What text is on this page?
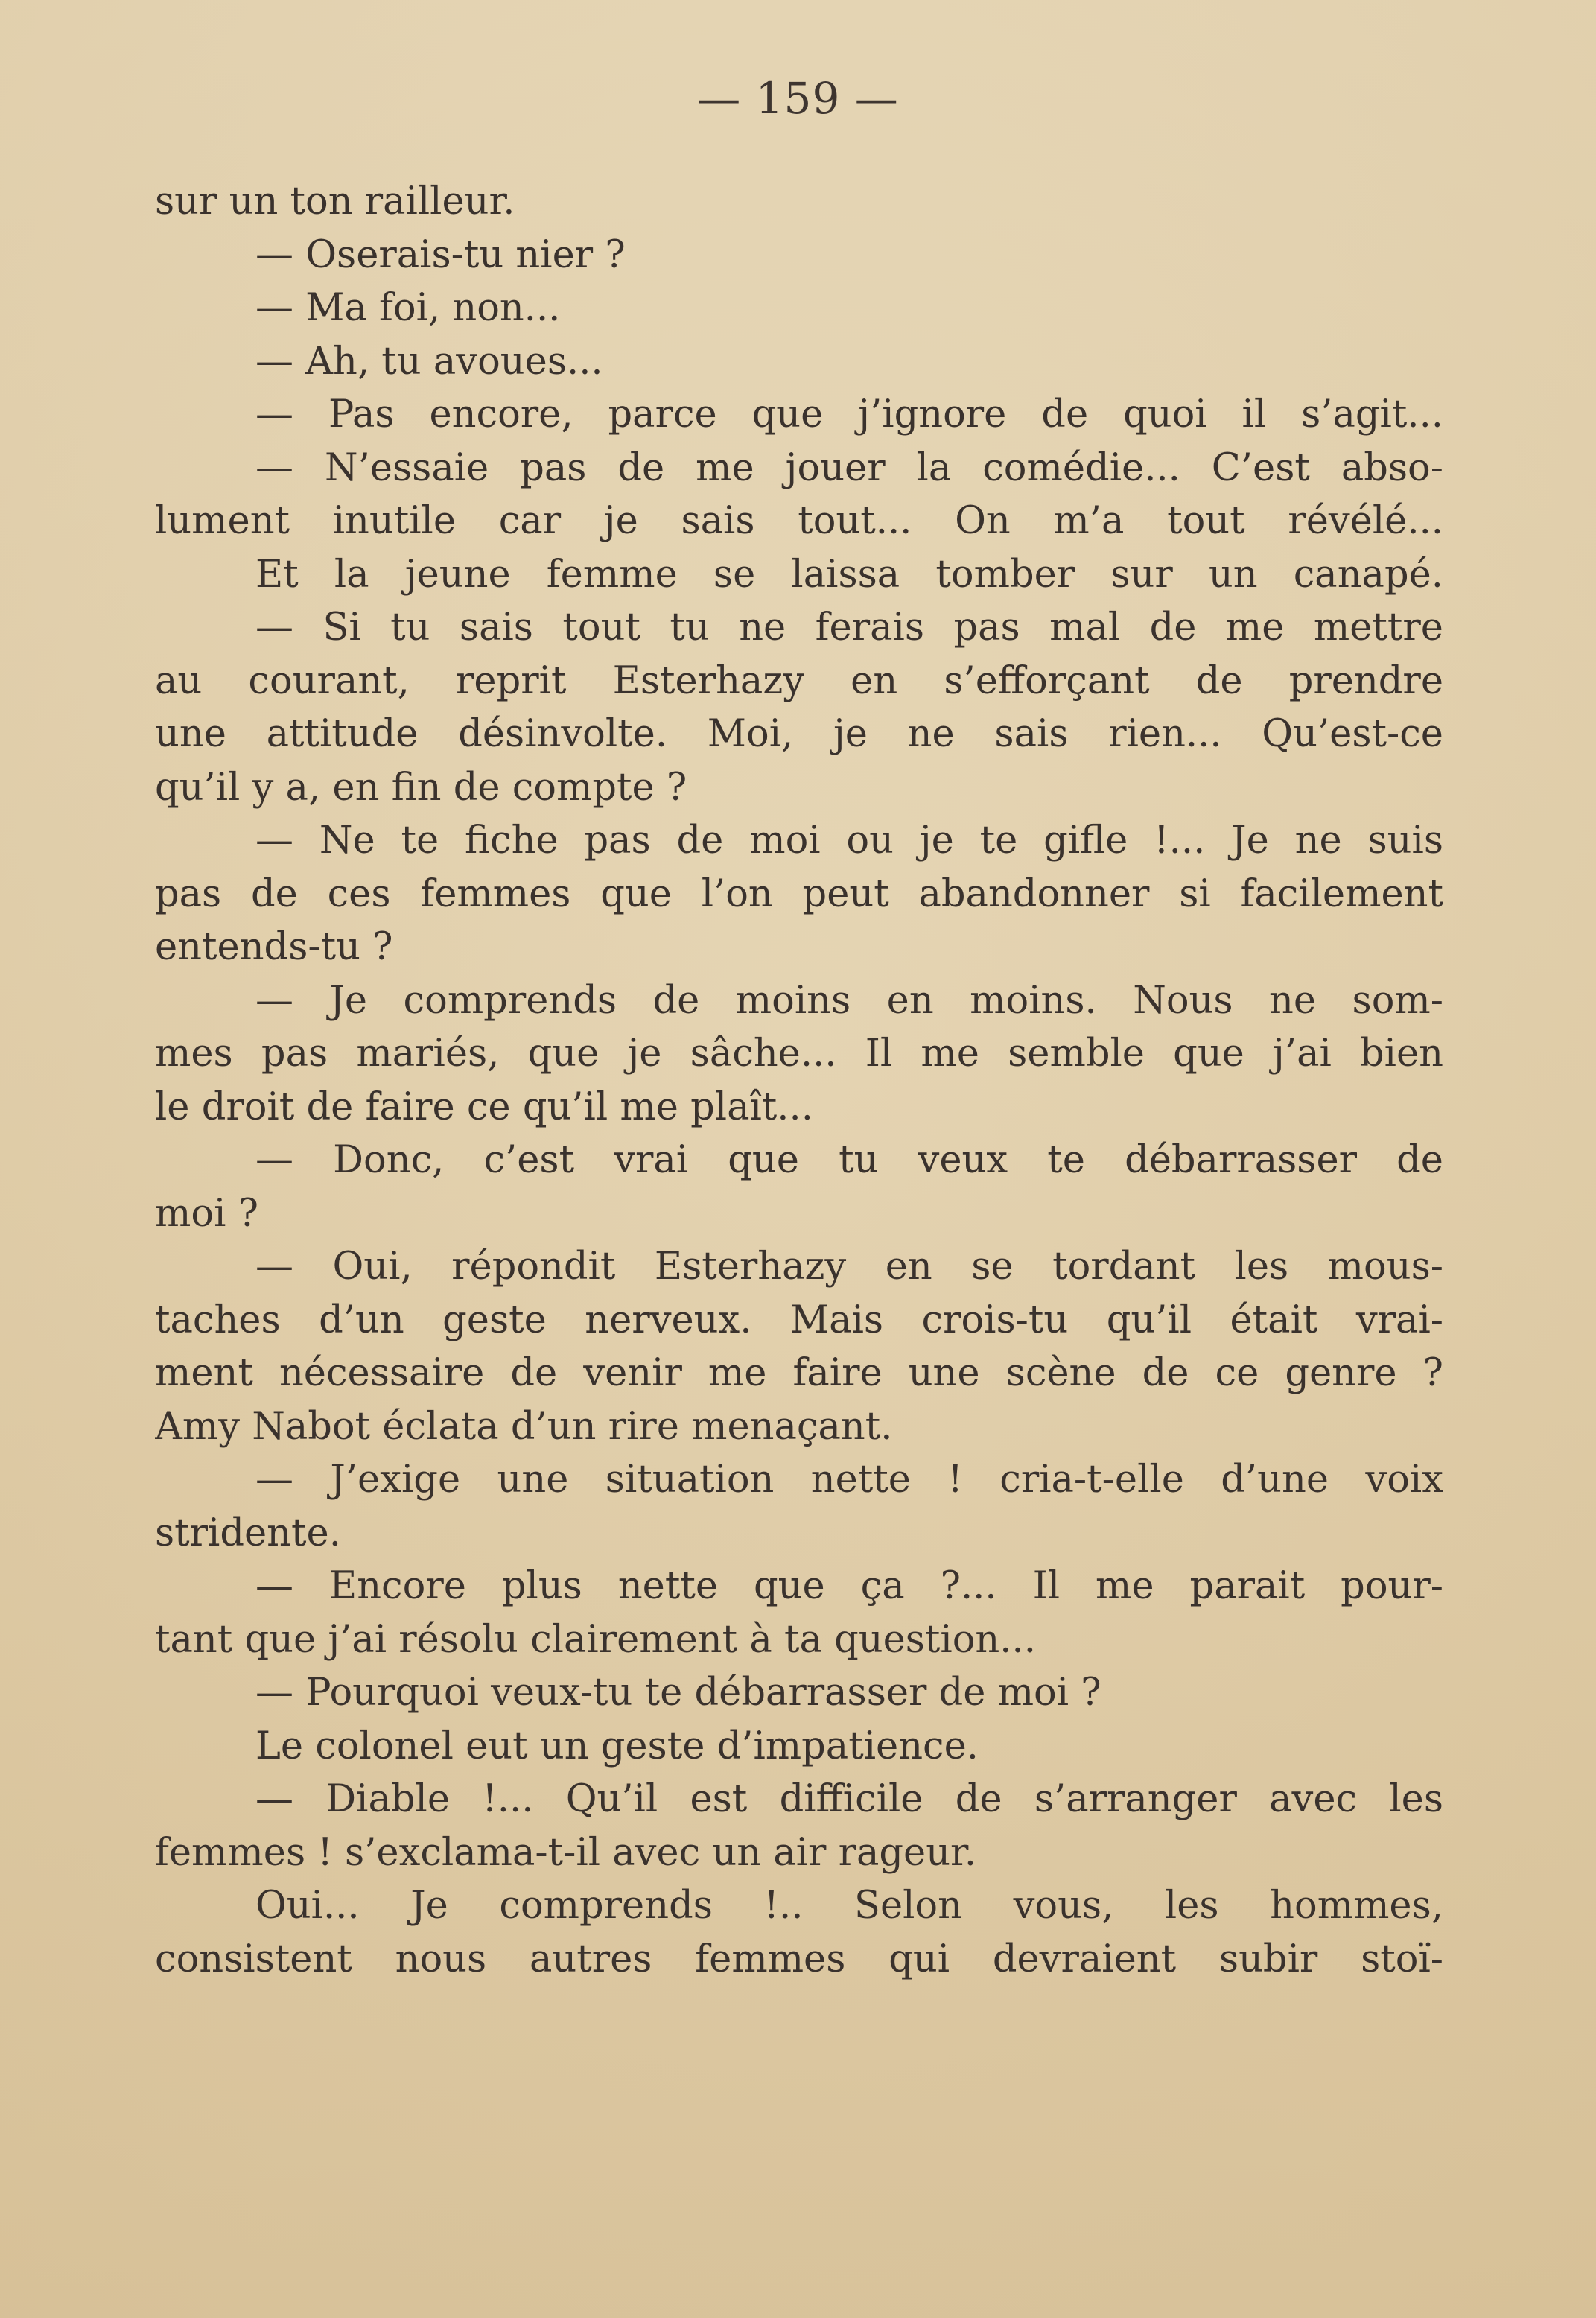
— 159 —
sur un ton railleur.
— Oserais-tu nier ?
— Ma foi, non...
— Ah, tu avoues...
— Pas encore, parce que j’ignore de quoi il s’agit...
— N’essaie pas de me jouer la comédie... C’est abso-
lument inutile car je sais tout... On m’a tout révélé...
Et la jeune femme se laissa tomber sur un canapé.
— Si tu sais tout tu ne ferais pas mal de me mettre
au courant, reprit Esterhazy en s’efforçant de prendre
une attitude désinvolte. Moi, je ne sais rien... Qu’est-ce
qu’il y a, en fin de compte ?
— Ne te fiche pas de moi ou je te gifle !... Je ne suis
pas de ces femmes que l’on peut abandonner si facilement
entends-tu ?
— Je comprends de moins en moins. Nous ne som-
mes pas mariés, que je sâche... Il me semble que j’ai bien
le droit de faire ce qu’il me plaît...
— Donc, c’est vrai que tu veux te débarrasser de
moi ?
— Oui, répondit Esterhazy en se tordant les mous-
taches d’un geste nerveux. Mais crois-tu qu’il était vrai-
ment nécessaire de venir me faire une scène de ce genre ?
Amy Nabot éclata d’un rire menaçant.
— J’exige une situation nette ! cria-t-elle d’une voix
stridente.
— Encore plus nette que ça ?... Il me parait pour-
tant que j’ai résolu clairement à ta question...
— Pourquoi veux-tu te débarrasser de moi ?
Le colonel eut un geste d’impatience.
— Diable !... Qu’il est difficile de s’arranger avec les
femmes ! s’exclama-t-il avec un air rageur.
Oui... Je comprends !.. Selon vous, les hommes,
consistent nous autres femmes qui devraient subir stoï-
